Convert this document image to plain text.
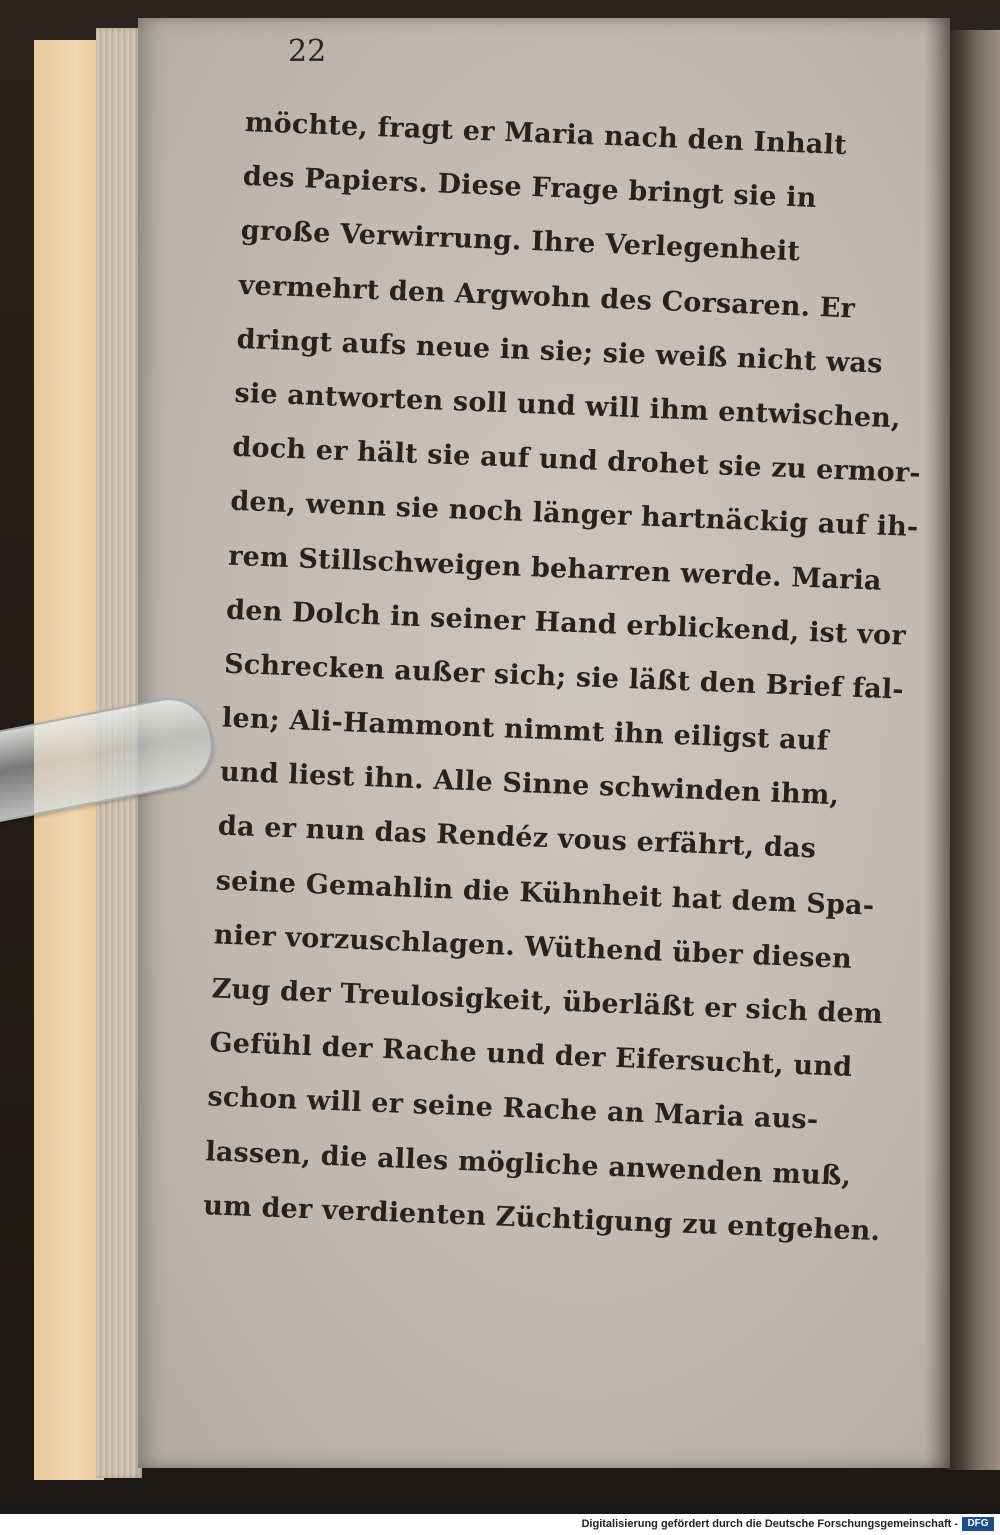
22
möchte, fragt er Maria nach den Inhalt
des Papiers. Diese Frage bringt sie in
große Verwirrung. Ihre Verlegenheit
vermehrt den Argwohn des Corsaren. Er
dringt aufs neue in sie; sie weiß nicht was
sie antworten soll und will ihm entwischen,
doch er hält sie auf und drohet sie zu ermor-
den, wenn sie noch länger hartnäckig auf ih-
rem Stillschweigen beharren werde. Maria
den Dolch in seiner Hand erblickend, ist vor
Schrecken außer sich; sie läßt den Brief fal-
len; Ali-Hammont nimmt ihn eiligst auf
und liest ihn. Alle Sinne schwinden ihm,
da er nun das Rendéz vous erfährt, das
seine Gemahlin die Kühnheit hat dem Spa-
nier vorzuschlagen. Wüthend über diesen
Zug der Treulosigkeit, überläßt er sich dem
Gefühl der Rache und der Eifersucht, und
schon will er seine Rache an Maria aus-
lassen, die alles mögliche anwenden muß,
um der verdienten Züchtigung zu entgehen.
Digitalisierung gefördert durch die Deutsche Forschungsgemeinschaft - DFG
